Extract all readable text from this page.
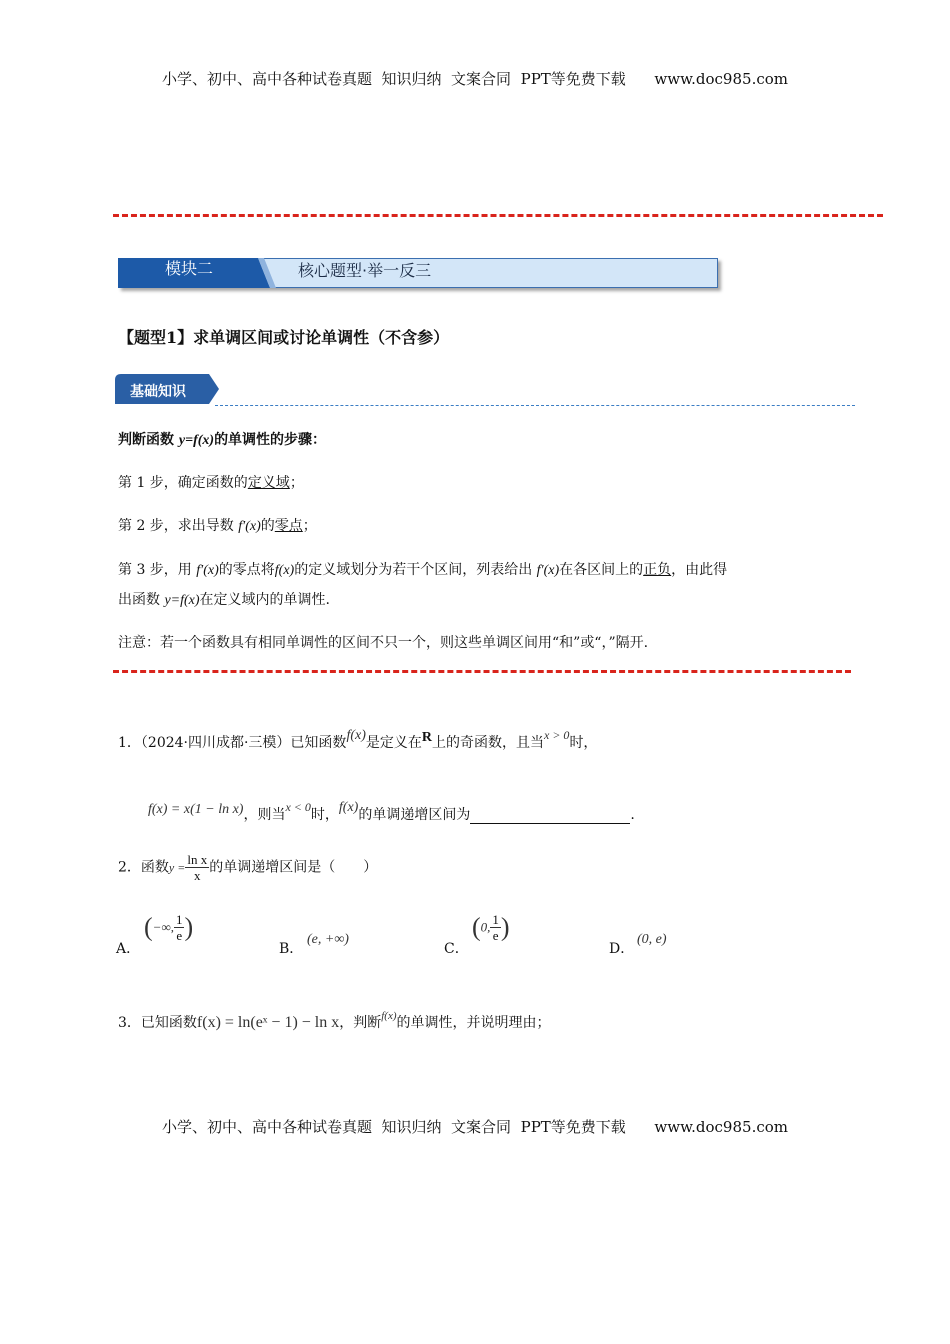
小学、初中、高中各种试卷真题  知识归纳  文案合同  PPT等免费下载      www.doc985.com
模块二	核心题型·举一反三
【题型1】求单调区间或讨论单调性（不含参）
基础知识
判断函数 y=f(x)的单调性的步骤：
第 1 步，确定函数的定义域；
第 2 步，求出导数 f′(x)的零点；
第 3 步，用 f′(x)的零点将f(x)的定义域划分为若干个区间，列表给出 f′(x)在各区间上的正负，由此得
出函数 y=f(x)在定义域内的单调性.
注意：若一个函数具有相同单调性的区间不只一个，则这些单调区间用“和”或“，”隔开.
1．（2024·四川成都·三模）已知函数f(x)是定义在R上的奇函数，且当x > 0时，
f(x) = x(1 − ln x)，则当x < 0时，f(x)的单调递增区间为	.
2．函数$y = \frac{\text{ln x}}{x}$ 的单调递增区间是（　　）
A．
(−∞, $\frac{1}{e}$ )
B．
(e, +∞)
C．
(0, $\frac{1}{e}$ )
D．
(0, e)
3．已知函数f(x) = ln(eˣ − 1) − ln x，判断$^{f(x)}$的单调性，并说明理由；
小学、初中、高中各种试卷真题  知识归纳  文案合同  PPT等免费下载      www.doc985.com
